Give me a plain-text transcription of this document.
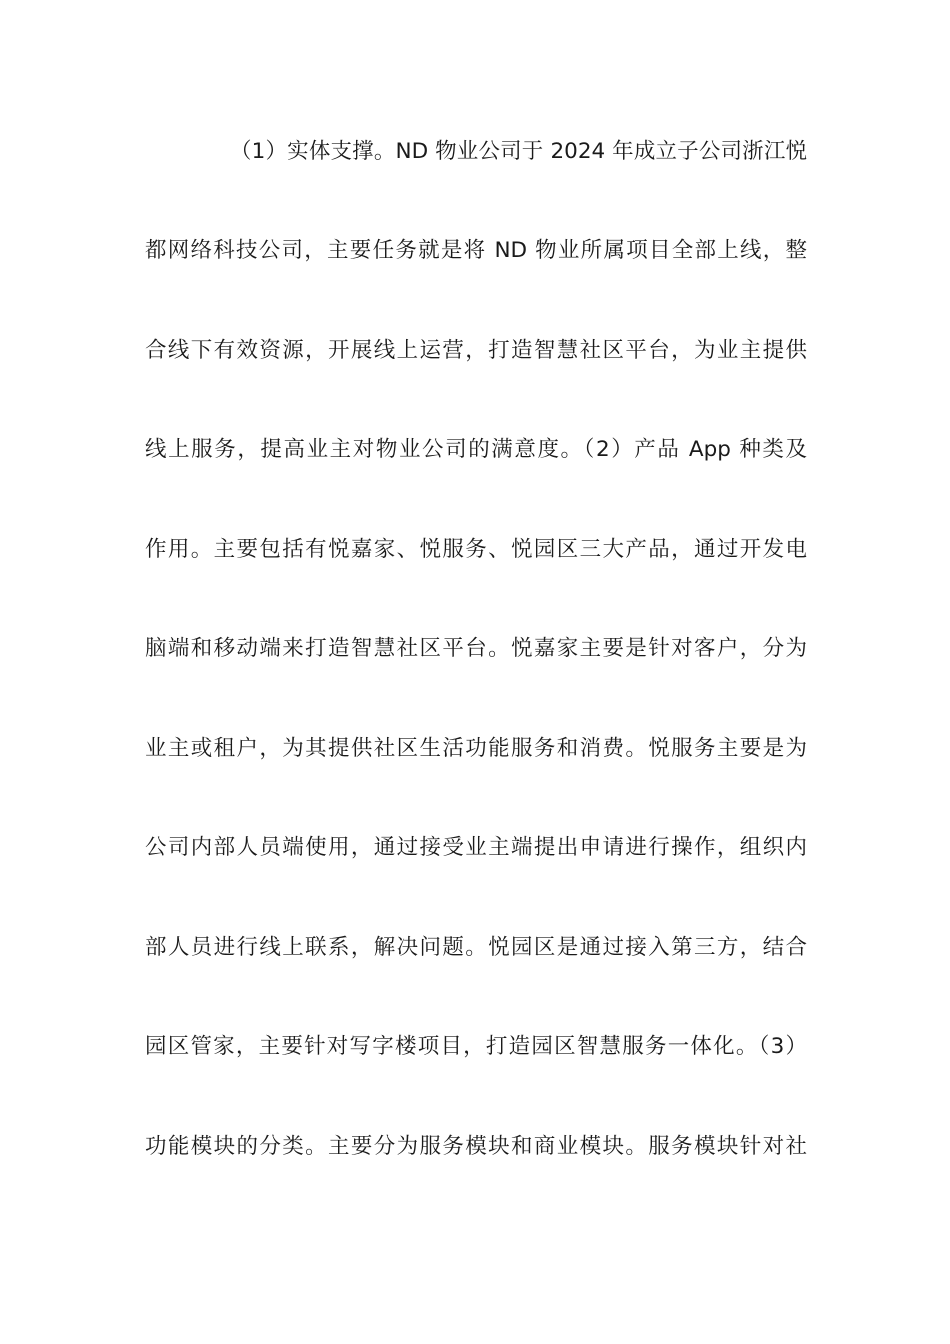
（1）实体支撑。ND 物业公司于 2024 年成立子公司浙江悦
都网络科技公司，主要任务就是将 ND 物业所属项目全部上线，整
合线下有效资源，开展线上运营，打造智慧社区平台，为业主提供
线上服务，提高业主对物业公司的满意度。（2）产品 App 种类及
作用。主要包括有悦嘉家、悦服务、悦园区三大产品，通过开发电
脑端和移动端来打造智慧社区平台。悦嘉家主要是针对客户，分为
业主或租户，为其提供社区生活功能服务和消费。悦服务主要是为
公司内部人员端使用，通过接受业主端提出申请进行操作，组织内
部人员进行线上联系，解决问题。悦园区是通过接入第三方，结合
园区管家，主要针对写字楼项目，打造园区智慧服务一体化。（3）
功能模块的分类。主要分为服务模块和商业模块。服务模块针对社
